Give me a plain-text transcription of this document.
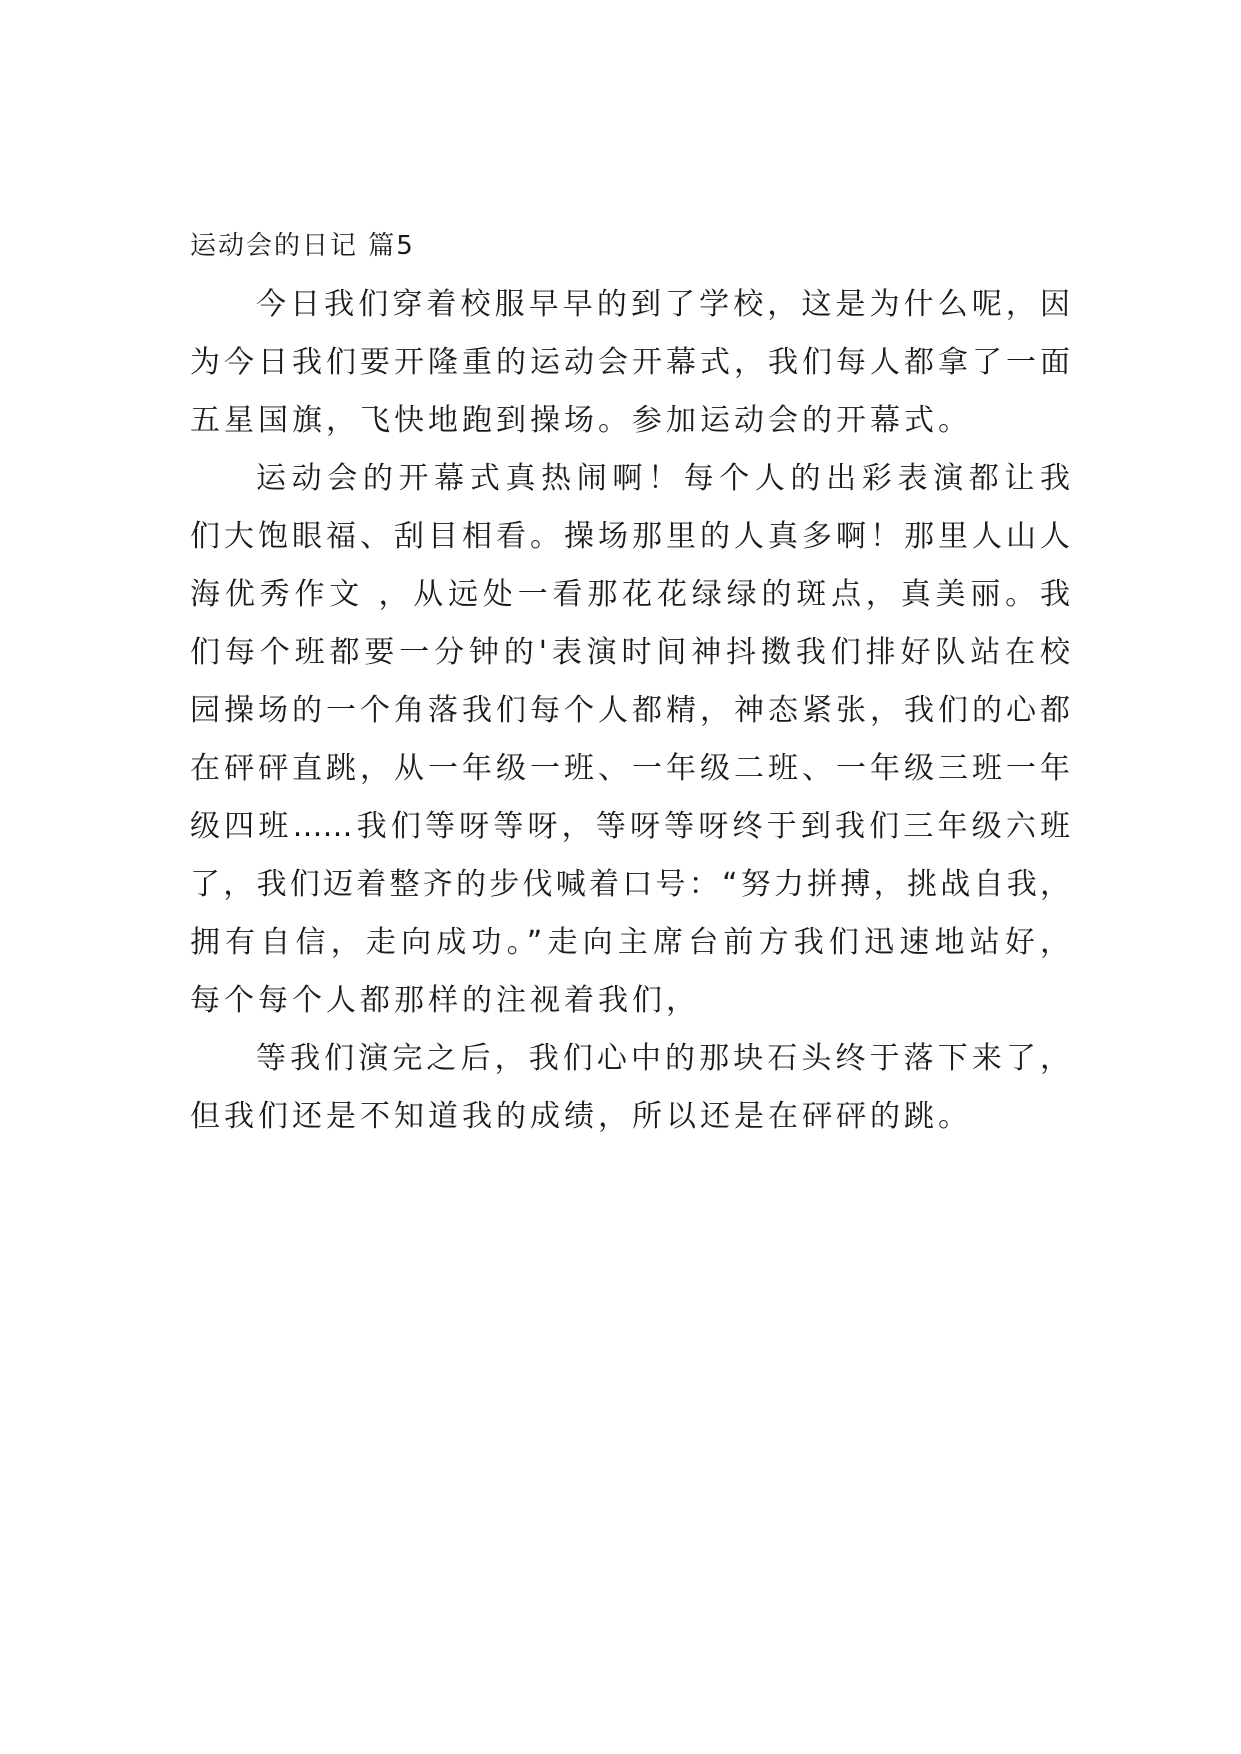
运动会的日记 篇5
今日我们穿着校服早早的到了学校，这是为什么呢，因
为今日我们要开隆重的运动会开幕式，我们每人都拿了一面
五星国旗，飞快地跑到操场。参加运动会的开幕式。
运动会的开幕式真热闹啊！每个人的出彩表演都让我
们大饱眼福、刮目相看。操场那里的人真多啊！那里人山人
海优秀作文 ，从远处一看那花花绿绿的斑点，真美丽。我
们每个班都要一分钟的'表演时间神抖擞我们排好队站在校
园操场的一个角落我们每个人都精，神态紧张，我们的心都
在砰砰直跳，从一年级一班、一年级二班、一年级三班一年
级四班……我们等呀等呀，等呀等呀终于到我们三年级六班
了，我们迈着整齐的步伐喊着口号：“努力拼搏，挑战自我，
拥有自信，走向成功。”走向主席台前方我们迅速地站好，
每个每个人都那样的注视着我们，
等我们演完之后，我们心中的那块石头终于落下来了，
但我们还是不知道我的成绩，所以还是在砰砰的跳。
